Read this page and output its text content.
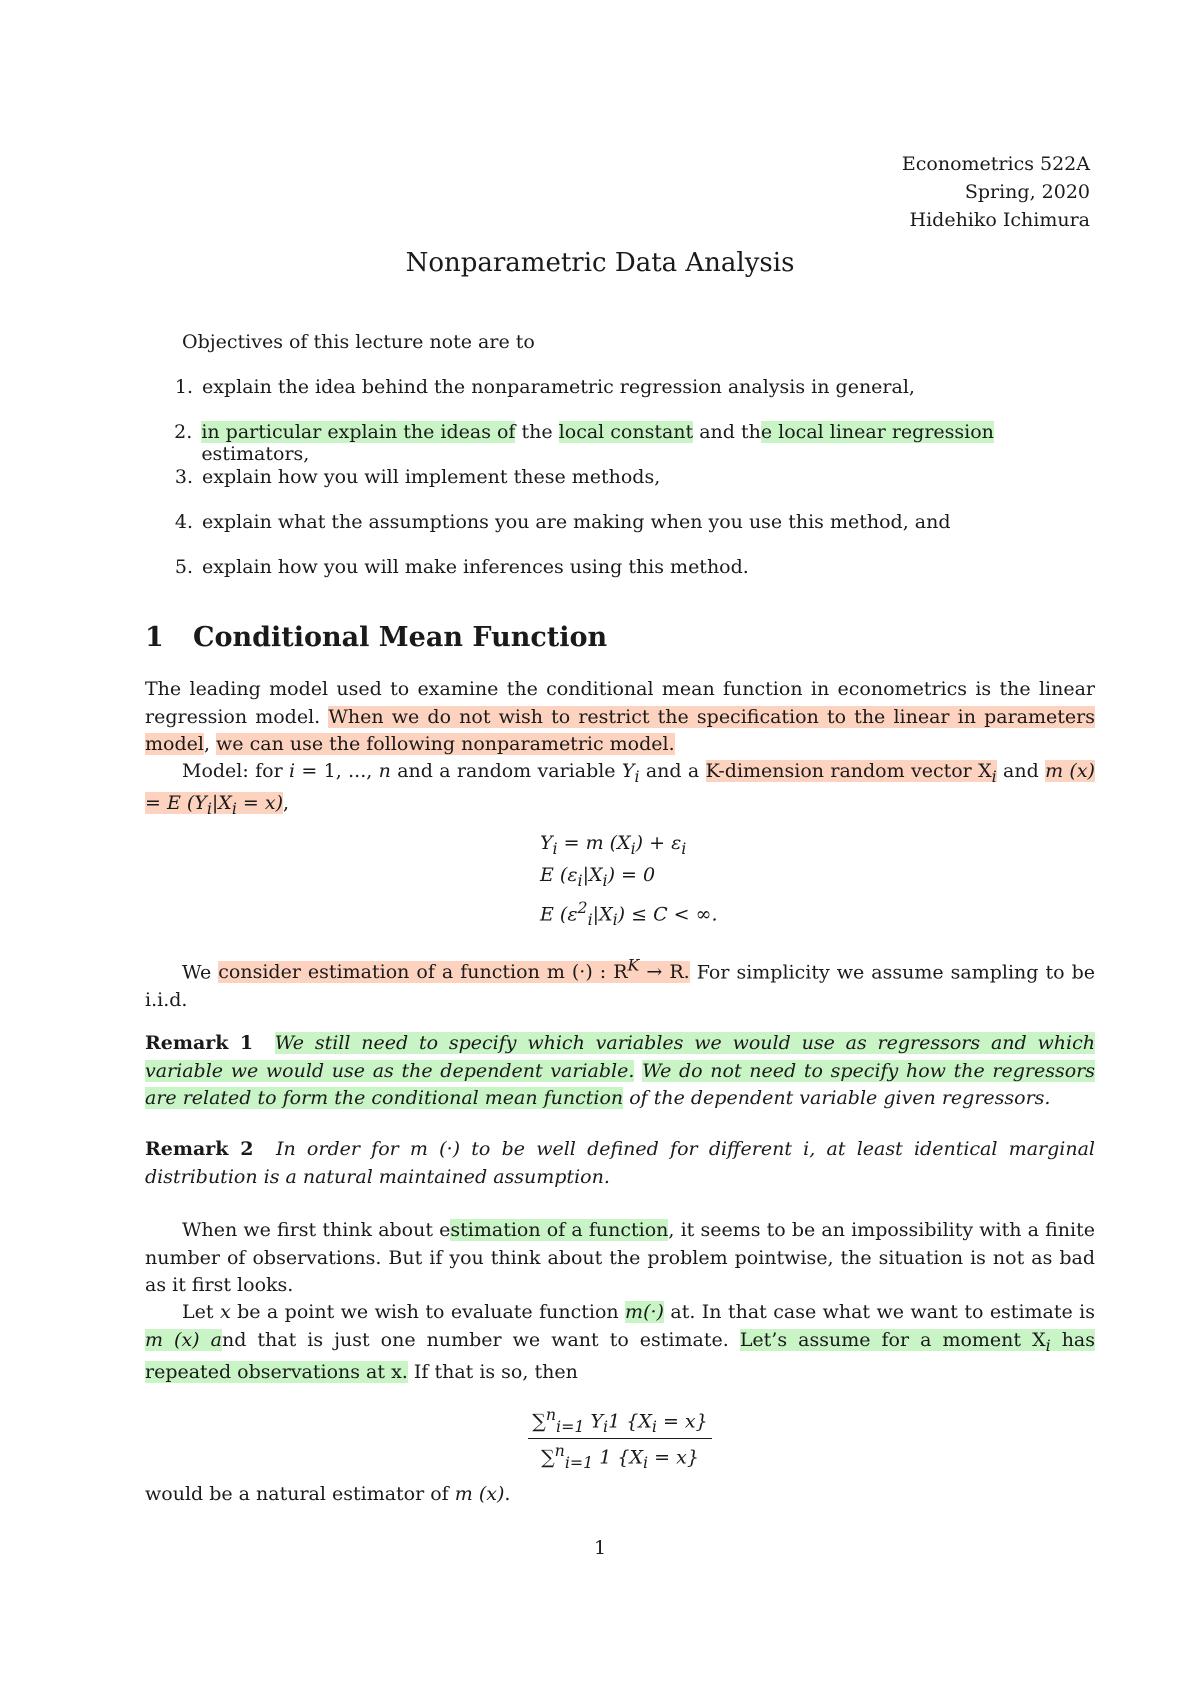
Econometrics 522A
Spring, 2020
Hidehiko Ichimura
Nonparametric Data Analysis
Objectives of this lecture note are to
1. explain the idea behind the nonparametric regression analysis in general,
2. in particular explain the ideas of the local constant and the local linear regression estimators,
3. explain how you will implement these methods,
4. explain what the assumptions you are making when you use this method, and
5. explain how you will make inferences using this method.
1 Conditional Mean Function
The leading model used to examine the conditional mean function in econometrics is the linear regression model. When we do not wish to restrict the specification to the linear in parameters model, we can use the following nonparametric model.
Model: for i = 1, ..., n and a random variable $Y_i$ and a K-dimension random vector $X_i$ and m (x) = E $(Y_i|X_i = x)$,
$Y_i = m$ $(X_i) + \varepsilon_i$
E $(\varepsilon_i|X_i) = 0$
E $(\varepsilon^2_i|X_i) \le C$ < ∞.
We consider estimation of a function m (·) : $R^K \to R$. For simplicity we assume sampling to be i.i.d.
Remark 1 We still need to specify which variables we would use as regressors and which variable we would use as the dependent variable. We do not need to specify how the regressors are related to form the conditional mean function of the dependent variable given regressors.
Remark 2 In order for m (·) to be well defined for different i, at least identical marginal distribution is a natural maintained assumption.
When we first think about estimation of a function, it seems to be an impossibility with a finite number of observations. But if you think about the problem pointwise, the situation is not as bad as it first looks.
Let x be a point we wish to evaluate function m(·) at. In that case what we want to estimate is m (x) and that is just one number we want to estimate. Let’s assume for a moment $X_i$ has repeated observations at x. If that is so, then
$\frac{\sum^n_{i=1} Y_i1 \{X_i = x\}}{\sum^n_{i=1} 1 \{X_i = x\}}$
would be a natural estimator of m (x).
1
